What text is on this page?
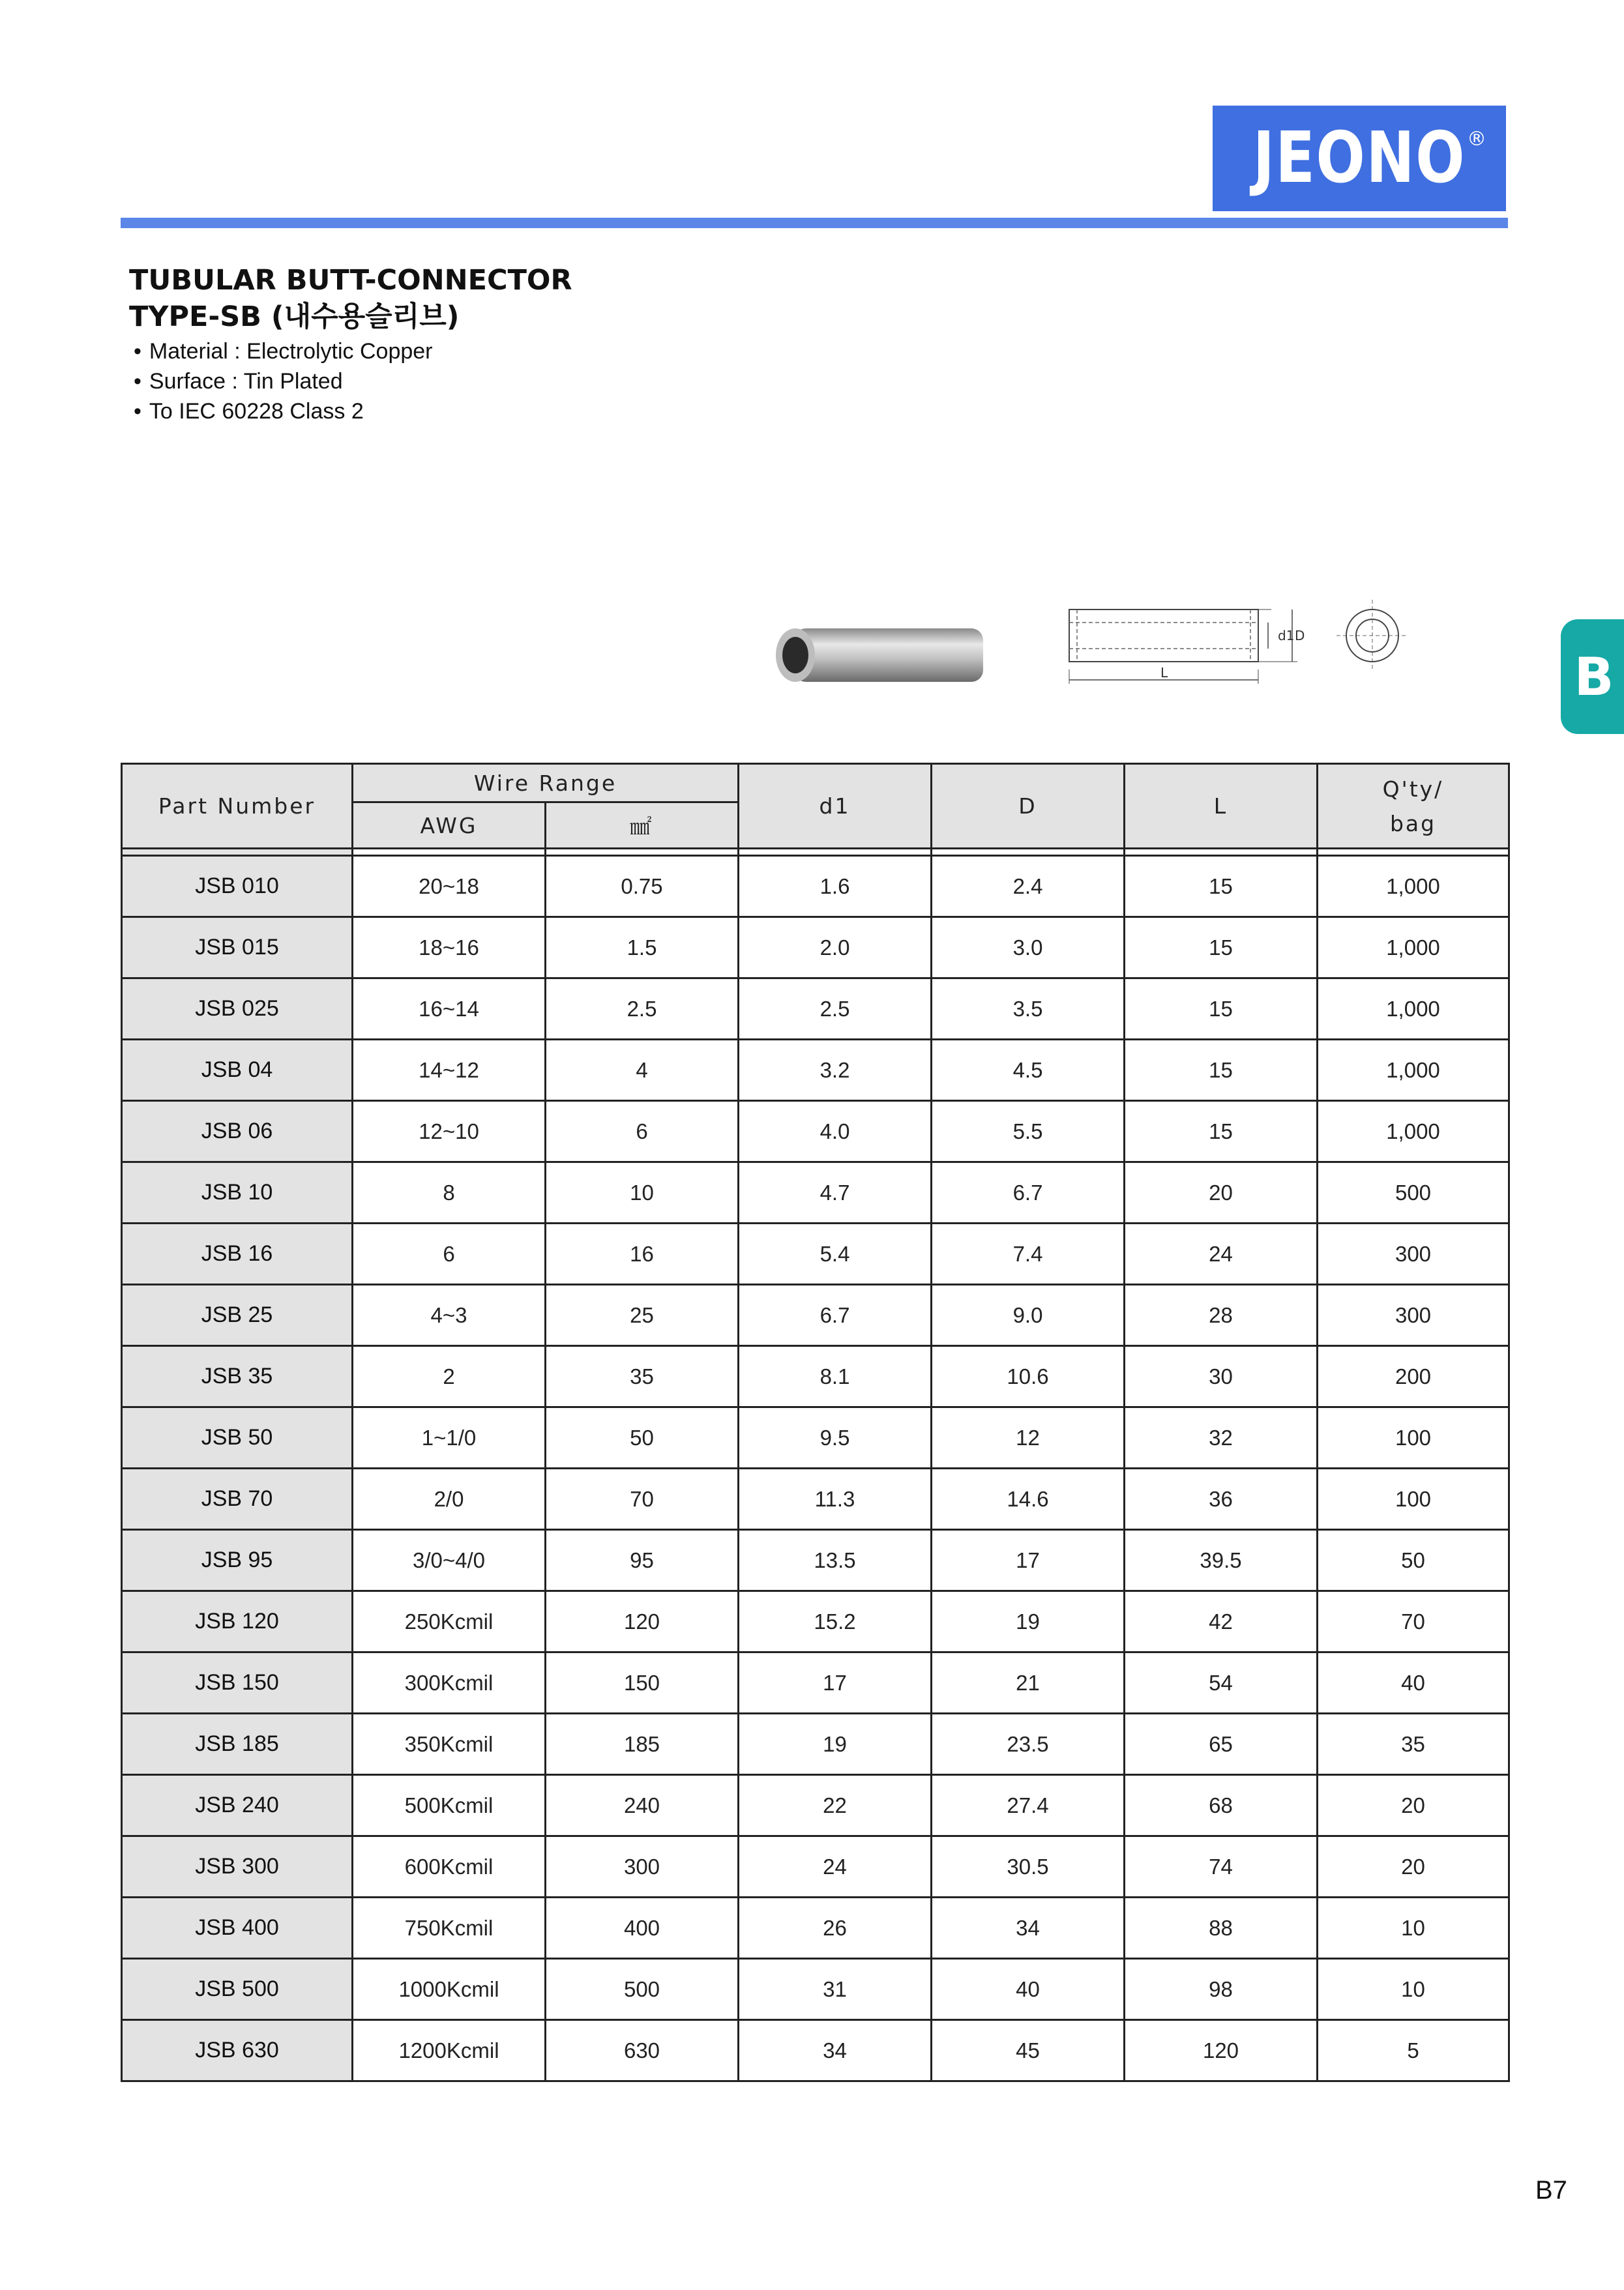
JEONO ®
TUBULAR BUTT-CONNECTOR
TYPE-SB (내수용슬리브)
• Material : Electrolytic Copper
• Surface : Tin Plated
• To IEC 60228 Class 2
B
d1 D
L
Part Number	Wire Range		d1	D	L	Q'ty/
bag

	AWG	㎟				

JSB 010	20~18	0.75	1.6	2.4	15	1,000
JSB 015	18~16	1.5	2.0	3.0	15	1,000
JSB 025	16~14	2.5	2.5	3.5	15	1,000
JSB 04	14~12	4	3.2	4.5	15	1,000
JSB 06	12~10	6	4.0	5.5	15	1,000
JSB 10	8	10	4.7	6.7	20	500
JSB 16	6	16	5.4	7.4	24	300
JSB 25	4~3	25	6.7	9.0	28	300
JSB 35	2	35	8.1	10.6	30	200
JSB 50	1~1/0	50	9.5	12	32	100
JSB 70	2/0	70	11.3	14.6	36	100
JSB 95	3/0~4/0	95	13.5	17	39.5	50
JSB 120	250Kcmil	120	15.2	19	42	70
JSB 150	300Kcmil	150	17	21	54	40
JSB 185	350Kcmil	185	19	23.5	65	35
JSB 240	500Kcmil	240	22	27.4	68	20
JSB 300	600Kcmil	300	24	30.5	74	20
JSB 400	750Kcmil	400	26	34	88	10
JSB 500	1000Kcmil	500	31	40	98	10
JSB 630	1200Kcmil	630	34	45	120	5
B7
